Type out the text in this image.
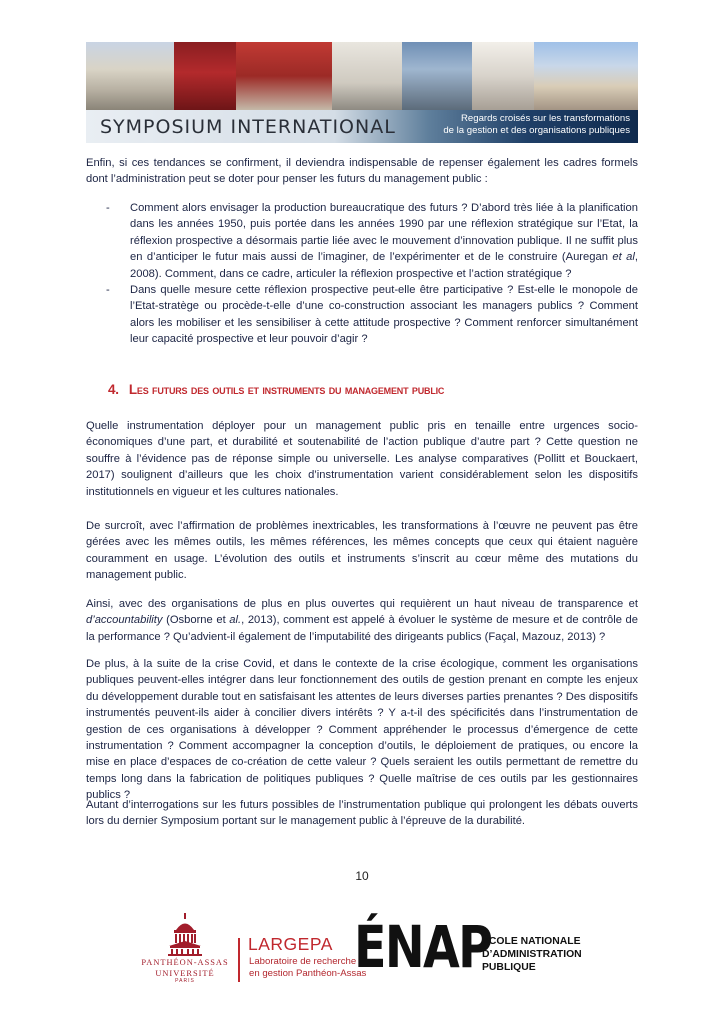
SYMPOSIUM INTERNATIONAL	Regards croisés sur les transformations
de la gestion et des organisations publiques

Enfin, si ces tendances se confirment, il deviendra indispensable de repenser également les cadres formels dont l’administration peut se doter pour penser les futurs du management public :

- Comment alors envisager la production bureaucratique des futurs ? D’abord très liée à la planification dans les années 1950, puis portée dans les années 1990 par une réflexion stratégique sur l’Etat, la réflexion prospective a désormais partie liée avec le mouvement d’innovation publique. Il ne suffit plus en d’anticiper le futur mais aussi de l’imaginer, de l’expérimenter et de le construire (Auregan et al, 2008). Comment, dans ce cadre, articuler la réflexion prospective et l’action stratégique ?
- Dans quelle mesure cette réflexion prospective peut-elle être participative ? Est-elle le monopole de l’Etat-stratège ou procède-t-elle d’une co-construction associant les managers publics ? Comment alors les mobiliser et les sensibiliser à cette attitude prospective ? Comment renforcer simultanément leur capacité prospective et leur pouvoir d’agir ?
4. Les futurs des outils et instruments du management public

Quelle instrumentation déployer pour un management public pris en tenaille entre urgences socio-économiques d’une part, et durabilité et soutenabilité de l’action publique d’autre part ? Cette question ne souffre à l’évidence pas de réponse simple ou universelle. Les analyse comparatives (Pollitt et Bouckaert, 2017) soulignent d’ailleurs que les choix d’instrumentation varient considérablement selon les dispositifs institutionnels en vigueur et les cultures nationales.

De surcroît, avec l’affirmation de problèmes inextricables, les transformations à l’œuvre ne peuvent pas être gérées avec les mêmes outils, les mêmes références, les mêmes concepts que ceux qui étaient naguère couramment en usage. L’évolution des outils et instruments s’inscrit au cœur même des mutations du management public.

Ainsi, avec des organisations de plus en plus ouvertes qui requièrent un haut niveau de transparence et d’accountability (Osborne et al., 2013), comment est appelé à évoluer le système de mesure et de contrôle de la performance ? Qu’advient-il également de l’imputabilité des dirigeants publics (Façal, Mazouz, 2013) ?

De plus, à la suite de la crise Covid, et dans le contexte de la crise écologique, comment les organisations publiques peuvent-elles intégrer dans leur fonctionnement des outils de gestion prenant en compte les enjeux du développement durable tout en satisfaisant les attentes de leurs diverses parties prenantes ? Des dispositifs instrumentés peuvent-ils aider à concilier divers intérêts ? Y a-t-il des spécificités dans l’instrumentation de gestion de ces organisations à développer ? Comment appréhender le processus d’émergence de cette instrumentation ? Comment accompagner la conception d’outils, le déploiement de pratiques, ou encore la mise en place d’espaces de co-création de cette valeur ? Quels seraient les outils permettant de remettre du temps long dans la fabrication de politiques publiques ? Quelle maîtrise de ces outils par les gestionnaires publics ?

Autant d’interrogations sur les futurs possibles de l’instrumentation publique qui prolongent les débats ouverts lors du dernier Symposium portant sur le management public à l’épreuve de la durabilité.

10
PANTHÉON-ASSAS
UNIVERSITÉ
PARIS
LARGEPA
Laboratoire de recherche
en gestion Panthéon-Assas
ÉNAP
ÉCOLE NATIONALE
D’ADMINISTRATION
PUBLIQUE
